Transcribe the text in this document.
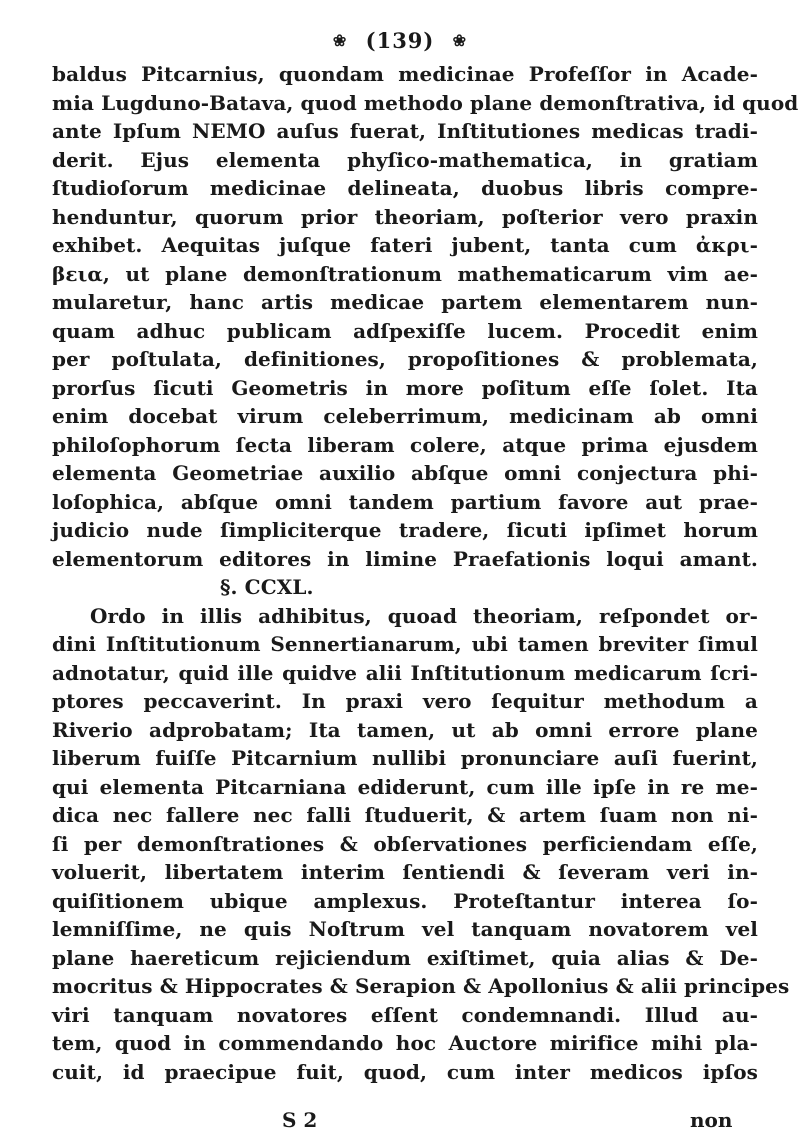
❀ (139) ❀
baldus Pitcarnius, quondam medicinae Profeſſor in Acade-
mia Lugduno-Batava, quod methodo plane demonſtrativa, id quod
ante Ipſum NEMO auſus fuerat, Inſtitutiones medicas tradi-
derit. Ejus elementa phyſico-mathematica, in gratiam
ſtudioſorum medicinae delineata, duobus libris compre-
henduntur, quorum prior theoriam, poſterior vero praxin
exhibet. Aequitas juſque fateri jubent, tanta cum ἀκρι-
βεια, ut plane demonſtrationum mathematicarum vim ae-
mularetur, hanc artis medicae partem elementarem nun-
quam adhuc publicam adſpexiſſe lucem. Procedit enim
per poſtulata, definitiones, propoſitiones & problemata,
prorſus ſicuti Geometris in more poſitum eſſe ſolet. Ita
enim docebat virum celeberrimum, medicinam ab omni
philoſophorum ſecta liberam colere, atque prima ejusdem
elementa Geometriae auxilio abſque omni conjectura phi-
loſophica, abſque omni tandem partium favore aut prae-
judicio nude ſimpliciterque tradere, ſicuti ipſimet horum
elementorum editores in limine Praefationis loqui amant.
§. CCXL.
Ordo in illis adhibitus, quoad theoriam, reſpondet or-
dini Inſtitutionum Sennertianarum, ubi tamen breviter ſimul
adnotatur, quid ille quidve alii Inſtitutionum medicarum ſcri-
ptores peccaverint. In praxi vero ſequitur methodum a
Riverio adprobatam; Ita tamen, ut ab omni errore plane
liberum fuiſſe Pitcarnium nullibi pronunciare auſi fuerint,
qui elementa Pitcarniana ediderunt, cum ille ipſe in re me-
dica nec fallere nec falli ſtuduerit, & artem ſuam non ni-
ſi per demonſtrationes & obſervationes perficiendam eſſe,
voluerit, libertatem interim ſentiendi & ſeveram veri in-
quiſitionem ubique amplexus. Proteſtantur interea ſo-
lemniſſime, ne quis Noſtrum vel tanquam novatorem vel
plane haereticum rejiciendum exiſtimet, quia alias & De-
mocritus & Hippocrates & Serapion & Apollonius & alii principes
viri tanquam novatores eſſent condemnandi. Illud au-
tem, quod in commendando hoc Auctore mirifice mihi pla-
cuit, id praecipue fuit, quod, cum inter medicos ipſos
S 2	non
